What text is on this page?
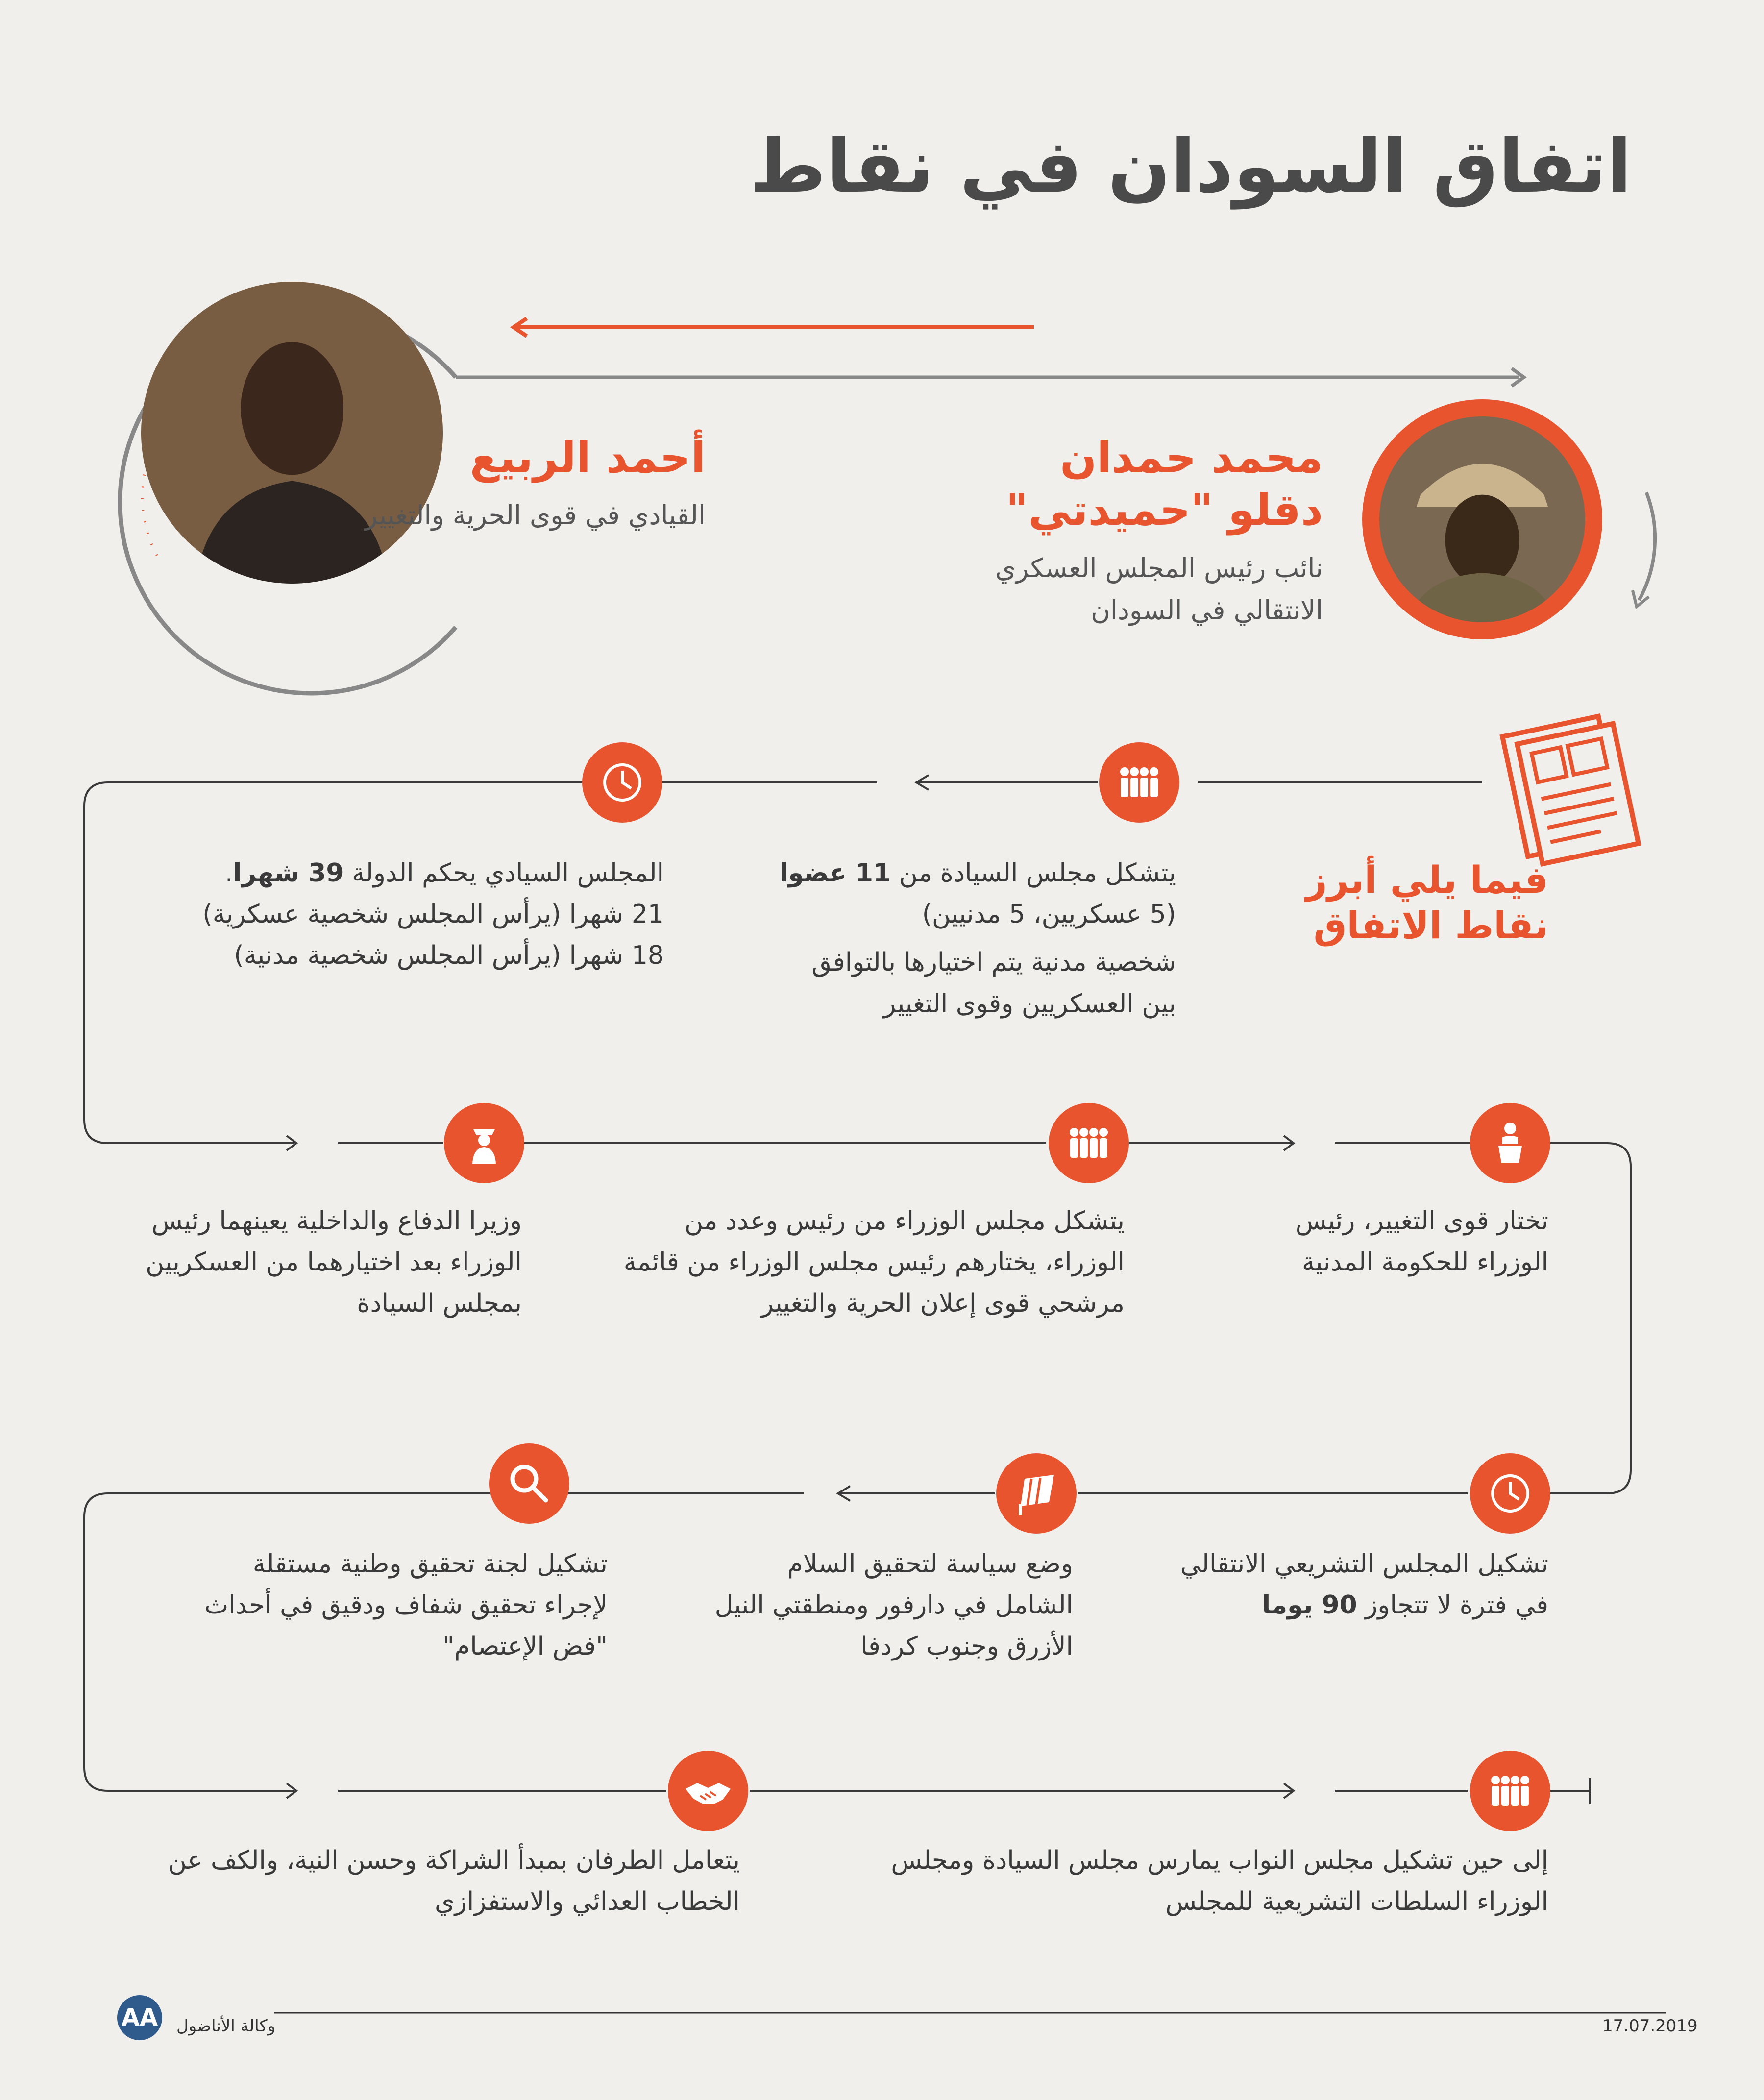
اتفاق السودان في نقاط
محمد حمدان
دقلو "حميدتي"
نائب رئيس المجلس العسكري
الانتقالي في السودان
أحمد الربيع
القيادي في قوى الحرية والتغيير
فيما يلي أبرز
نقاط الاتفاق

يتشكل مجلس السيادة من 11 عضوا

(5 عسكريين، 5 مدنيين)

شخصية مدنية يتم اختيارها بالتوافق

بين العسكريين وقوى التغيير

المجلس السيادي يحكم الدولة 39 شهرا.

21 شهرا (يرأس المجلس شخصية عسكرية)

18 شهرا (يرأس المجلس شخصية مدنية)

تختار قوى التغيير، رئيس

الوزراء للحكومة المدنية

يتشكل مجلس الوزراء من رئيس وعدد من

الوزراء، يختارهم رئيس مجلس الوزراء من قائمة

مرشحي قوى إعلان الحرية والتغيير

وزيرا الدفاع والداخلية يعينهما رئيس

الوزراء بعد اختيارهما من العسكريين

بمجلس السيادة

تشكيل المجلس التشريعي الانتقالي

في فترة لا تتجاوز 90 يوما

وضع سياسة لتحقيق السلام

الشامل في دارفور ومنطقتي النيل

الأزرق وجنوب كردفا

تشكيل لجنة تحقيق وطنية مستقلة

لإجراء تحقيق شفاف ودقيق في أحداث

"فض الإعتصام"

إلى حين تشكيل مجلس النواب يمارس مجلس السيادة ومجلس

الوزراء السلطات التشريعية للمجلس

يتعامل الطرفان بمبدأ الشراكة وحسن النية، والكف عن

الخطاب العدائي والاستفزازي

AA وكالة الأناضول	17.07.2019
